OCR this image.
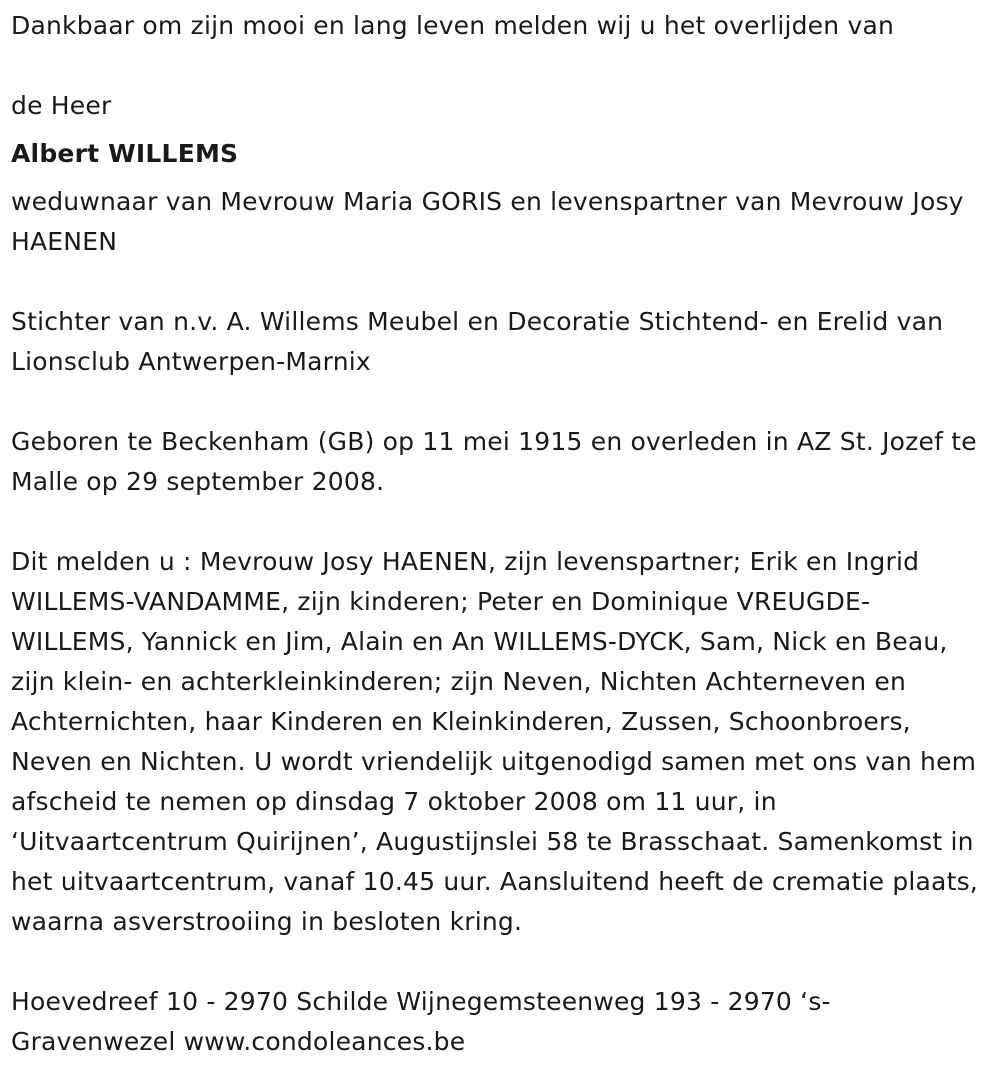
Dankbaar om zijn mooi en lang leven melden wij u het overlijden van

de Heer

Albert WILLEMS

weduwnaar van Mevrouw Maria GORIS en levenspartner van Mevrouw Josy HAENEN

Stichter van n.v. A. Willems Meubel en Decoratie Stichtend- en Erelid van Lionsclub Antwerpen-Marnix

Geboren te Beckenham (GB) op 11 mei 1915 en overleden in AZ St. Jozef te Malle op 29 september 2008.

Dit melden u : Mevrouw Josy HAENEN, zijn levenspartner; Erik en Ingrid WILLEMS-VANDAMME, zijn kinderen; Peter en Dominique VREUGDE-WILLEMS, Yannick en Jim, Alain en An WILLEMS-DYCK, Sam, Nick en Beau, zijn klein- en achterkleinkinderen; zijn Neven, Nichten Achterneven en Achternichten, haar Kinderen en Kleinkinderen, Zussen, Schoonbroers, Neven en Nichten. U wordt vriendelijk uitgenodigd samen met ons van hem afscheid te nemen op dinsdag 7 oktober 2008 om 11 uur, in ‘Uitvaartcentrum Quirijnen’, Augustijnslei 58 te Brasschaat. Samenkomst in het uitvaartcentrum, vanaf 10.45 uur. Aansluitend heeft de crematie plaats, waarna asverstrooiing in besloten kring.

Hoevedreef 10 - 2970 Schilde Wijnegemsteenweg 193 - 2970 ‘s-Gravenwezel www.condoleances.be
